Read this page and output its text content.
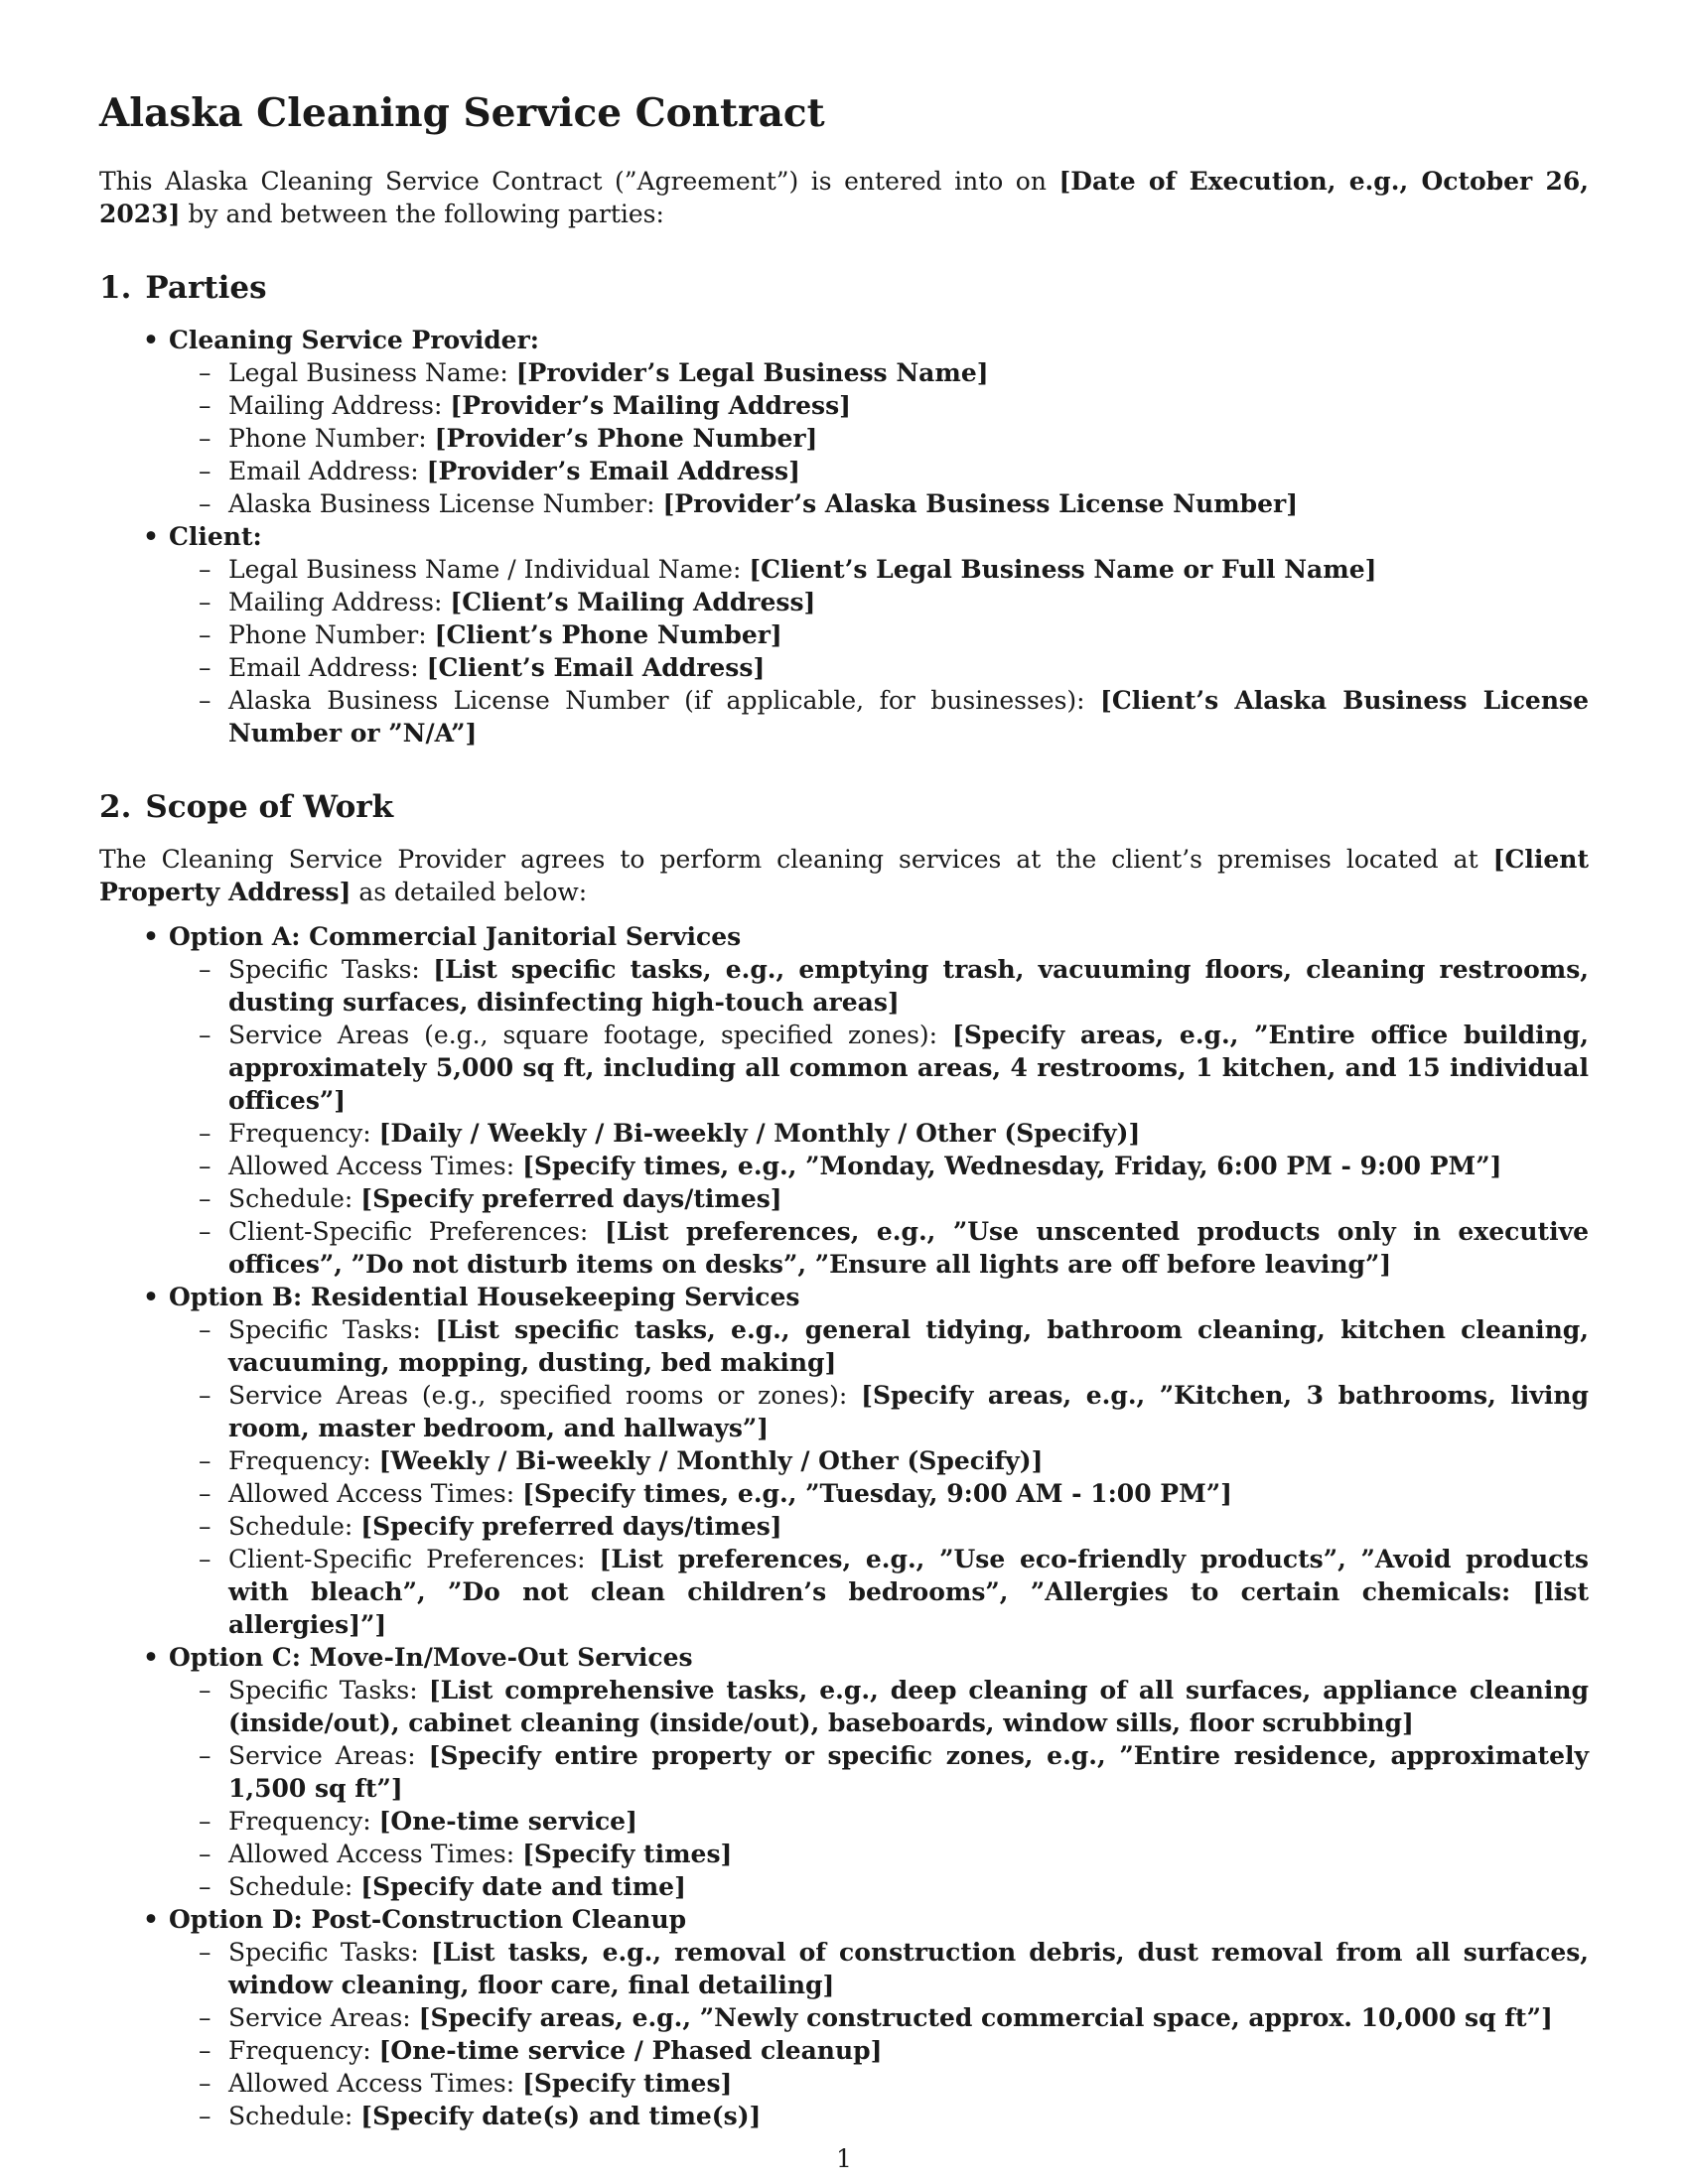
Alaska Cleaning Service Contract

This Alaska Cleaning Service Contract (”Agreement”) is entered into on [Date of Execution, e.g., October 26, 2023] by and between the following parties:

1. Parties
• Cleaning Service Provider:
– Legal Business Name: [Provider’s Legal Business Name]
– Mailing Address: [Provider’s Mailing Address]
– Phone Number: [Provider’s Phone Number]
– Email Address: [Provider’s Email Address]
– Alaska Business License Number: [Provider’s Alaska Business License Number]
• Client:
– Legal Business Name / Individual Name: [Client’s Legal Business Name or Full Name]
– Mailing Address: [Client’s Mailing Address]
– Phone Number: [Client’s Phone Number]
– Email Address: [Client’s Email Address]
– Alaska Business License Number (if applicable, for businesses): [Client’s Alaska Business License Number or ”N/A”]
2. Scope of Work

The Cleaning Service Provider agrees to perform cleaning services at the client’s premises located at [Client Property Address] as detailed below:

• Option A: Commercial Janitorial Services
– Specific Tasks: [List specific tasks, e.g., emptying trash, vacuuming floors, cleaning restrooms, dusting surfaces, disinfecting high-touch areas]
– Service Areas (e.g., square footage, specified zones): [Specify areas, e.g., ”Entire office building, approximately 5,000 sq ft, including all common areas, 4 restrooms, 1 kitchen, and 15 individual offices”]
– Frequency: [Daily / Weekly / Bi-weekly / Monthly / Other (Specify)]
– Allowed Access Times: [Specify times, e.g., ”Monday, Wednesday, Friday, 6:00 PM - 9:00 PM”]
– Schedule: [Specify preferred days/times]
– Client-Specific Preferences: [List preferences, e.g., ”Use unscented products only in executive offices”, ”Do not disturb items on desks”, ”Ensure all lights are off before leaving”]
• Option B: Residential Housekeeping Services
– Specific Tasks: [List specific tasks, e.g., general tidying, bathroom cleaning, kitchen cleaning, vacuuming, mopping, dusting, bed making]
– Service Areas (e.g., specified rooms or zones): [Specify areas, e.g., ”Kitchen, 3 bathrooms, living room, master bedroom, and hallways”]
– Frequency: [Weekly / Bi-weekly / Monthly / Other (Specify)]
– Allowed Access Times: [Specify times, e.g., ”Tuesday, 9:00 AM - 1:00 PM”]
– Schedule: [Specify preferred days/times]
– Client-Specific Preferences: [List preferences, e.g., ”Use eco-friendly products”, ”Avoid products with bleach”, ”Do not clean children’s bedrooms”, ”Allergies to certain chemicals: [list allergies]”]
• Option C: Move-In/Move-Out Services
– Specific Tasks: [List comprehensive tasks, e.g., deep cleaning of all surfaces, appliance cleaning (inside/out), cabinet cleaning (inside/out), baseboards, window sills, floor scrubbing]
– Service Areas: [Specify entire property or specific zones, e.g., ”Entire residence, approximately 1,500 sq ft”]
– Frequency: [One-time service]
– Allowed Access Times: [Specify times]
– Schedule: [Specify date and time]
• Option D: Post-Construction Cleanup
– Specific Tasks: [List tasks, e.g., removal of construction debris, dust removal from all surfaces, window cleaning, floor care, final detailing]
– Service Areas: [Specify areas, e.g., ”Newly constructed commercial space, approx. 10,000 sq ft”]
– Frequency: [One-time service / Phased cleanup]
– Allowed Access Times: [Specify times]
– Schedule: [Specify date(s) and time(s)]
1
